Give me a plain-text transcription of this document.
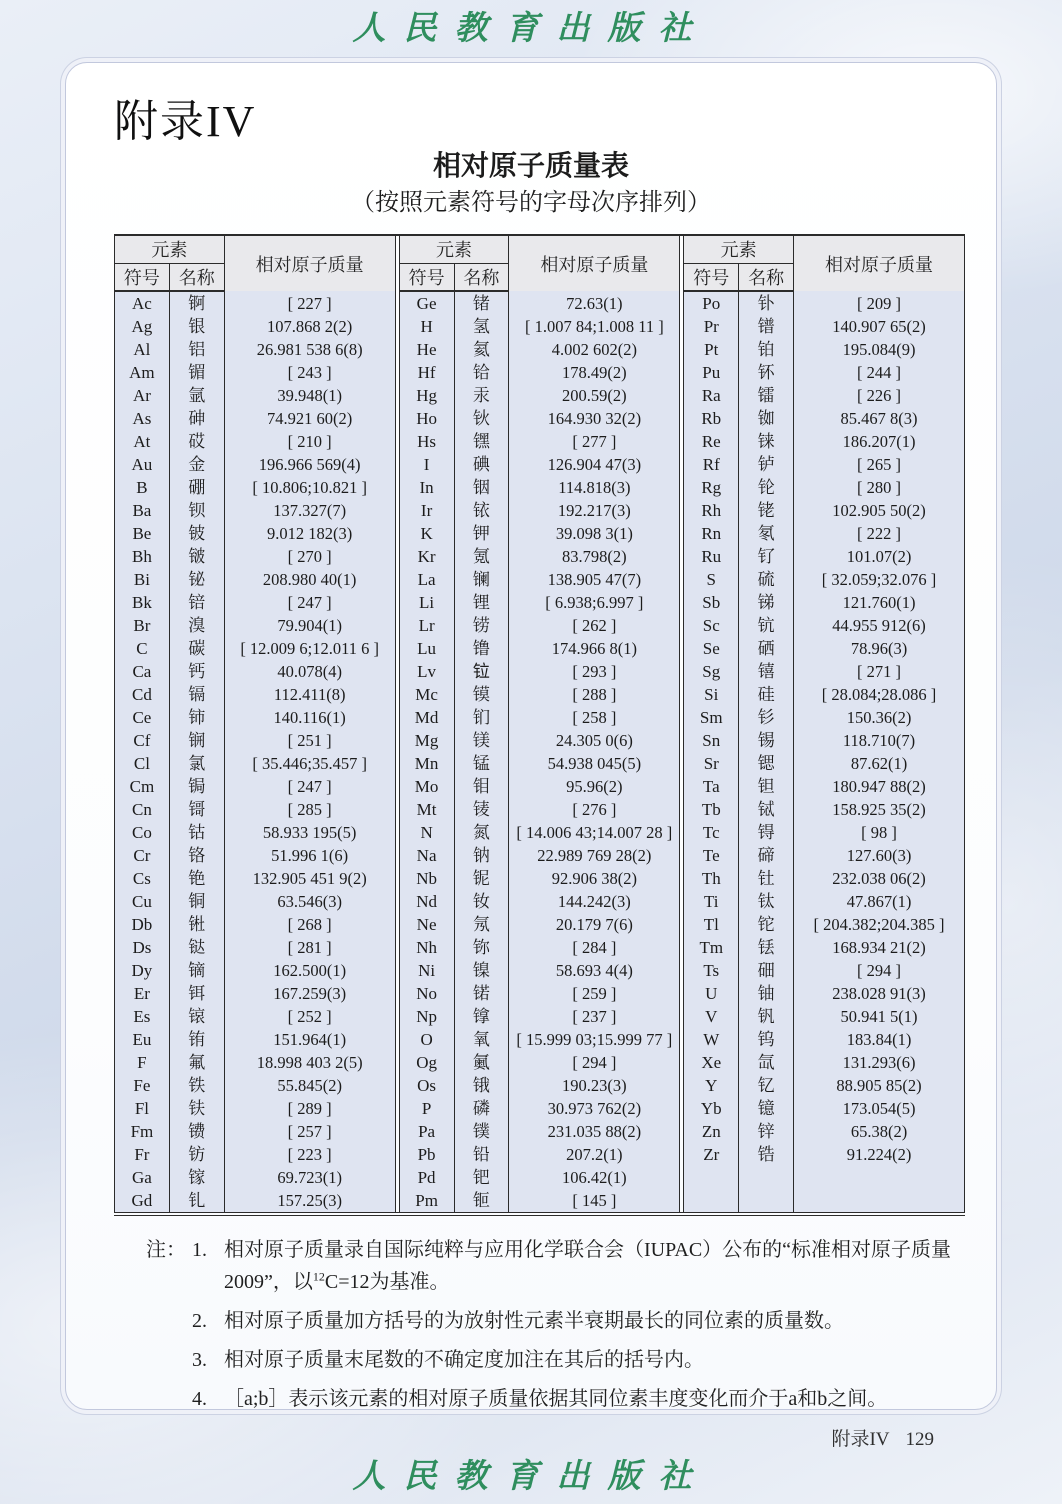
人民教育出版社
附录IV
相对原子质量表
（按照元素符号的字母次序排列）
元素		相对原子质量
符号	名称	
Ac	锕	[ 227 ]
Ag	银	107.868 2(2)
Al	铝	26.981 538 6(8)
Am	镅	[ 243 ]
Ar	氩	39.948(1)
As	砷	74.921 60(2)
At	砹	[ 210 ]
Au	金	196.966 569(4)
B	硼	[ 10.806;10.821 ]
Ba	钡	137.327(7)
Be	铍	9.012 182(3)
Bh	𬭛	[ 270 ]
Bi	铋	208.980 40(1)
Bk	锫	[ 247 ]
Br	溴	79.904(1)
C	碳	[ 12.009 6;12.011 6 ]
Ca	钙	40.078(4)
Cd	镉	112.411(8)
Ce	铈	140.116(1)
Cf	锎	[ 251 ]
Cl	氯	[ 35.446;35.457 ]
Cm	锔	[ 247 ]
Cn	鿔	[ 285 ]
Co	钴	58.933 195(5)
Cr	铬	51.996 1(6)
Cs	铯	132.905 451 9(2)
Cu	铜	63.546(3)
Db	𬭊	[ 268 ]
Ds	𫟼	[ 281 ]
Dy	镝	162.500(1)
Er	铒	167.259(3)
Es	锿	[ 252 ]
Eu	铕	151.964(1)
F	氟	18.998 403 2(5)
Fe	铁	55.845(2)
Fl	𫓧	[ 289 ]
Fm	镄	[ 257 ]
Fr	钫	[ 223 ]
Ga	镓	69.723(1)
Gd	钆	157.25(3)
元素		相对原子质量
符号	名称	
Ge	锗	72.63(1)
H	氢	[ 1.007 84;1.008 11 ]
He	氦	4.002 602(2)
Hf	铪	178.49(2)
Hg	汞	200.59(2)
Ho	钬	164.930 32(2)
Hs	𬭶	[ 277 ]
I	碘	126.904 47(3)
In	铟	114.818(3)
Ir	铱	192.217(3)
K	钾	39.098 3(1)
Kr	氪	83.798(2)
La	镧	138.905 47(7)
Li	锂	[ 6.938;6.997 ]
Lr	铹	[ 262 ]
Lu	镥	174.966 8(1)
Lv	𫟷	[ 293 ]
Mc	镆	[ 288 ]
Md	钔	[ 258 ]
Mg	镁	24.305 0(6)
Mn	锰	54.938 045(5)
Mo	钼	95.96(2)
Mt	鿏	[ 276 ]
N	氮	[ 14.006 43;14.007 28 ]
Na	钠	22.989 769 28(2)
Nb	铌	92.906 38(2)
Nd	钕	144.242(3)
Ne	氖	20.179 7(6)
Nh	鿭	[ 284 ]
Ni	镍	58.693 4(4)
No	锘	[ 259 ]
Np	镎	[ 237 ]
O	氧	[ 15.999 03;15.999 77 ]
Og	鿫	[ 294 ]
Os	锇	190.23(3)
P	磷	30.973 762(2)
Pa	镤	231.035 88(2)
Pb	铅	207.2(1)
Pd	钯	106.42(1)
Pm	钷	[ 145 ]
元素		相对原子质量
符号	名称	
Po	钋	[ 209 ]
Pr	镨	140.907 65(2)
Pt	铂	195.084(9)
Pu	钚	[ 244 ]
Ra	镭	[ 226 ]
Rb	铷	85.467 8(3)
Re	铼	186.207(1)
Rf	𬬻	[ 265 ]
Rg	𬬭	[ 280 ]
Rh	铑	102.905 50(2)
Rn	氡	[ 222 ]
Ru	钌	101.07(2)
S	硫	[ 32.059;32.076 ]
Sb	锑	121.760(1)
Sc	钪	44.955 912(6)
Se	硒	78.96(3)
Sg	𬭳	[ 271 ]
Si	硅	[ 28.084;28.086 ]
Sm	钐	150.36(2)
Sn	锡	118.710(7)
Sr	锶	87.62(1)
Ta	钽	180.947 88(2)
Tb	铽	158.925 35(2)
Tc	锝	[ 98 ]
Te	碲	127.60(3)
Th	钍	232.038 06(2)
Ti	钛	47.867(1)
Tl	铊	[ 204.382;204.385 ]
Tm	铥	168.934 21(2)
Ts	鿬	[ 294 ]
U	铀	238.028 91(3)
V	钒	50.941 5(1)
W	钨	183.84(1)
Xe	氙	131.293(6)
Y	钇	88.905 85(2)
Yb	镱	173.054(5)
Zn	锌	65.38(2)
Zr	锆	91.224(2)

注： 1. 相对原子质量录自国际纯粹与应用化学联合会（IUPAC）公布的“标准相对原子质量2009”，以$^{12}$C=12为基准。
2. 相对原子质量加方括号的为放射性元素半衰期最长的同位素的质量数。
3. 相对原子质量末尾数的不确定度加注在其后的括号内。
4. ［a;b］表示该元素的相对原子质量依据其同位素丰度变化而介于a和b之间。
附录IV 129
人民教育出版社
